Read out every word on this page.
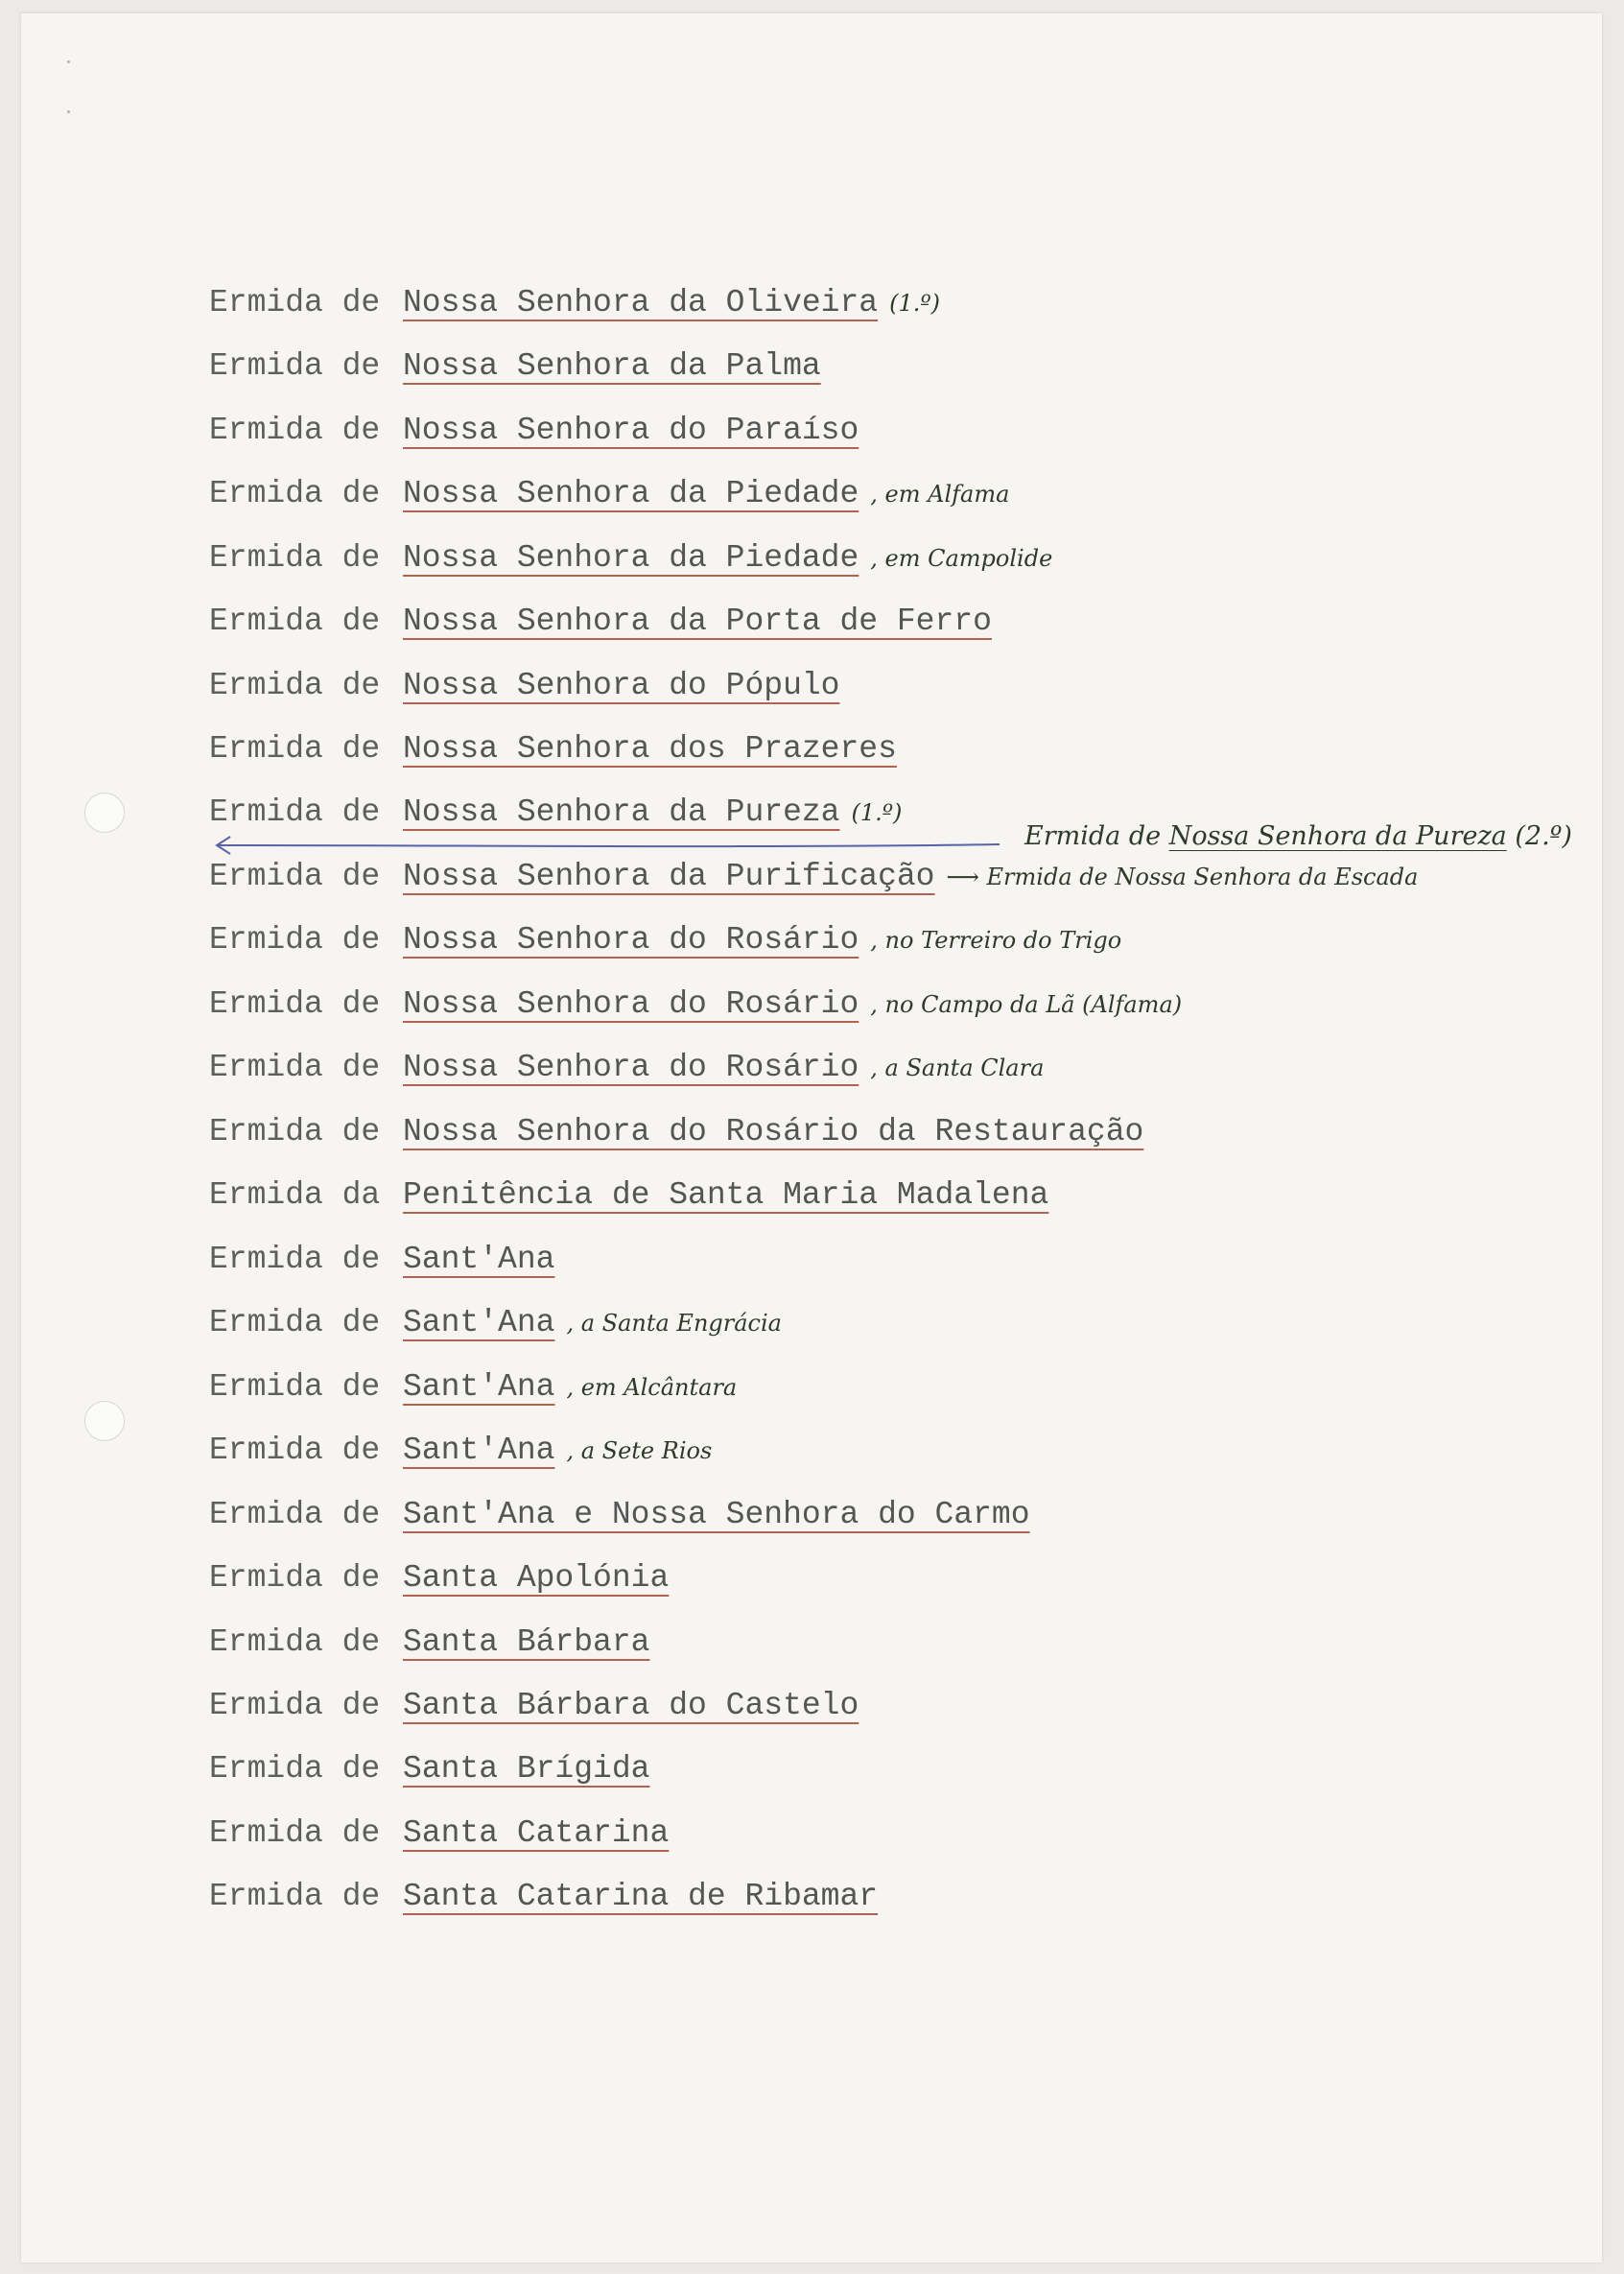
Ermida de Nossa Senhora da Oliveira (1.º)
Ermida de Nossa Senhora da Palma
Ermida de Nossa Senhora do Paraíso
Ermida de Nossa Senhora da Piedade , em Alfama
Ermida de Nossa Senhora da Piedade , em Campolide
Ermida de Nossa Senhora da Porta de Ferro
Ermida de Nossa Senhora do Pópulo
Ermida de Nossa Senhora dos Prazeres
Ermida de Nossa Senhora da Pureza (1.º)
Ermida de Nossa Senhora da Purificação ⟶ Ermida de Nossa Senhora da Escada
Ermida de Nossa Senhora do Rosário , no Terreiro do Trigo
Ermida de Nossa Senhora do Rosário , no Campo da Lã (Alfama)
Ermida de Nossa Senhora do Rosário , a Santa Clara
Ermida de Nossa Senhora do Rosário da Restauração
Ermida da Penitência de Santa Maria Madalena
Ermida de Sant'Ana
Ermida de Sant'Ana , a Santa Engrácia
Ermida de Sant'Ana , em Alcântara
Ermida de Sant'Ana , a Sete Rios
Ermida de Sant'Ana e Nossa Senhora do Carmo
Ermida de Santa Apolónia
Ermida de Santa Bárbara
Ermida de Santa Bárbara do Castelo
Ermida de Santa Brígida
Ermida de Santa Catarina
Ermida de Santa Catarina de Ribamar
Ermida de Nossa Senhora da Pureza (2.º)
